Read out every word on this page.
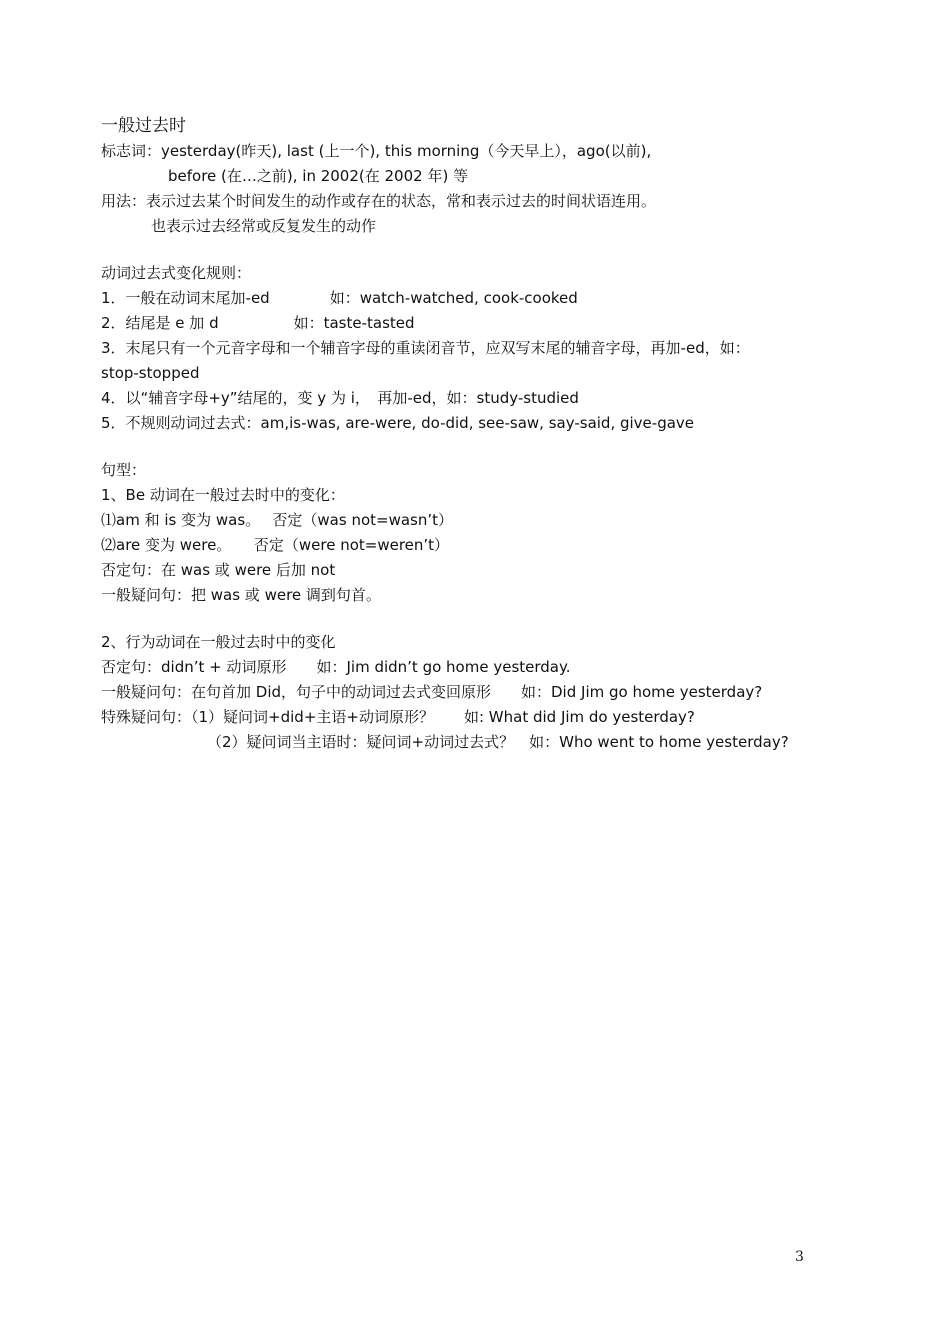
一般过去时
标志词：yesterday(昨天), last (上一个), this morning（今天早上），ago(以前),
before (在…之前), in 2002(在 2002 年) 等
用法：表示过去某个时间发生的动作或存在的状态，常和表示过去的时间状语连用。
也表示过去经常或反复发生的动作
动词过去式变化规则：
1．一般在动词末尾加-ed　　　　如：watch-watched, cook-cooked
2．结尾是 e 加 d　　　　　如：taste-tasted
3．末尾只有一个元音字母和一个辅音字母的重读闭音节，应双写末尾的辅音字母，再加-ed，如：
stop-stopped
4．以“辅音字母+y”结尾的，变 y 为 i，　再加-ed，如：study-studied
5．不规则动词过去式：am,is-was, are-were, do-did, see-saw, say-said, give-gave
句型：
1、Be 动词在一般过去时中的变化：
⑴am 和 is 变为 was。　 否定（was not=wasn’t）
⑵are 变为 were。　　否定（were not=weren’t）
否定句：在 was 或 were 后加 not
一般疑问句：把 was 或 were 调到句首。
2、行为动词在一般过去时中的变化
否定句：didn’t + 动词原形　　如：Jim didn’t go home yesterday.
一般疑问句：在句首加 Did，句子中的动词过去式变回原形　　如：Did Jim go home yesterday?
特殊疑问句：（1）疑问词+did+主语+动词原形？　　如: What did Jim do yesterday?
（2）疑问词当主语时：疑问词+动词过去式？　如：Who went to home yesterday?
3
